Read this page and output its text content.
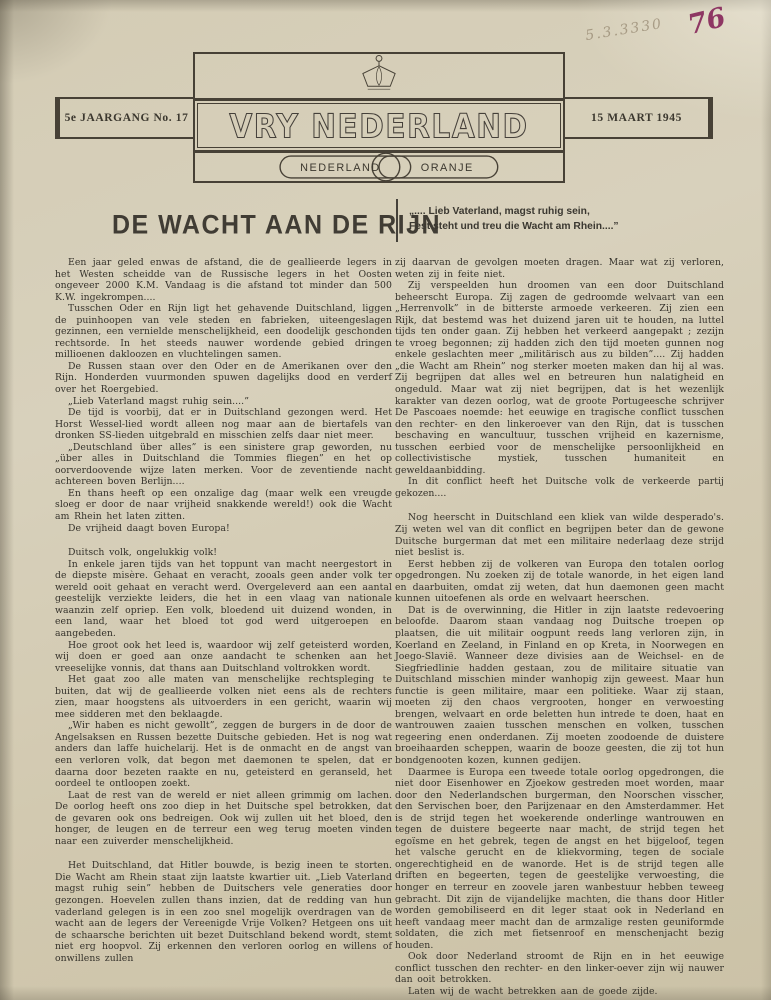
5.3.3330 76
5e JAARGANG No. 17 VRY NEDERLAND	15 MAART 1945
NEDERLAND	ORANJE
DE WACHT AAN DE RIJN
„.... Lieb Vaterland, magst ruhig sein,
Fest steht und treu die Wacht am Rhein....”

Een jaar geled enwas de afstand, die de geallieerde legers in het Westen scheidde van de Russische legers in het Oosten ongeveer 2000 K.M. Vandaag is die afstand tot minder dan 500 K.W. ingekrompen....

Tusschen Oder en Rijn ligt het gehavende Duitschland, liggen de puinhoopen van vele steden en fabrieken, uiteengeslagen gezinnen, een vernielde menschelijkheid, een doodelijk geschonden rechtsorde. In het steeds nauwer wordende gebied dringen millioenen dakloozen en vluchtelingen samen.

De Russen staan over den Oder en de Amerikanen over den Rijn. Honderden vuurmonden spuwen dagelijks dood en verderf over het Roergebied.

„Lieb Vaterland magst ruhig sein....”

De tijd is voorbij, dat er in Duitschland gezongen werd. Het Horst Wessel-lied wordt alleen nog maar aan de biertafels van dronken SS-lieden uitgebrald en misschien zelfs daar niet meer.

„Deutschland über alles” is een sinistere grap geworden, nu „über alles in Duitschland die Tommies fliegen” en het op oorverdoovende wijze laten merken. Voor de zeventiende nacht achtereen boven Berlijn....

En thans heeft op een onzalige dag (maar welk een vreugde sloeg er door de naar vrijheid snakkende wereld!) ook die Wacht am Rhein het laten zitten.

De vrijheid daagt boven Europa!

Duitsch volk, ongelukkig volk!

In enkele jaren tijds van het toppunt van macht neergestort in de diepste misère. Gehaat en veracht, zooals geen ander volk ter wereld ooit gehaat en veracht werd. Overgeleverd aan een aantal geestelijk verziekte leiders, die het in een vlaag van nationale waanzin zelf opriep. Een volk, bloedend uit duizend wonden, in een land, waar het bloed tot god werd uitgeroepen en aangebeden.

Hoe groot ook het leed is, waardoor wij zelf geteisterd worden, wij doen er goed aan onze aandacht te schenken aan het vreeselijke vonnis, dat thans aan Duitschland voltrokken wordt.

Het gaat zoo alle maten van menschelijke rechtspleging te buiten, dat wij de geallieerde volken niet eens als de rechters zien, maar hoogstens als uitvoerders in een gericht, waarin wij mee sidderen met den beklaagde.

„Wir haben es nicht gewollt”, zeggen de burgers in de door de Angelsaksen en Russen bezette Duitsche gebieden. Het is nog wat anders dan laffe huichelarij. Het is de onmacht en de angst van een verloren volk, dat begon met daemonen te spelen, dat er daarna door bezeten raakte en nu, geteisterd en geranseld, het oordeel te ontloopen zoekt.

Laat de rest van de wereld er niet alleen grimmig om lachen. De oorlog heeft ons zoo diep in het Duitsche spel betrokken, dat de gevaren ook ons bedreigen. Ook wij zullen uit het bloed, den honger, de leugen en de terreur een weg terug moeten vinden naar een zuiverder menschelijkheid.

Het Duitschland, dat Hitler bouwde, is bezig ineen te storten. Die Wacht am Rhein staat zijn laatste kwartier uit. „Lieb Vaterland magst ruhig sein” hebben de Duitschers vele generaties door gezongen. Hoevelen zullen thans inzien, dat de redding van hun vaderland gelegen is in een zoo snel mogelijk overdragen van de wacht aan de legers der Vereenigde Vrije Volken? Hetgeen ons uit de schaarsche berichten uit bezet Duitschland bekend wordt, stemt niet erg hoopvol. Zij erkennen den verloren oorlog en willens of onwillens zullen

zij daarvan de gevolgen moeten dragen. Maar wat zij verloren, weten zij in feite niet.

Zij verspeelden hun droomen van een door Duitschland beheerscht Europa. Zij zagen de gedroomde welvaart van een „Herrenvolk” in de bitterste armoede verkeeren. Zij zien een Rijk, dat bestemd was het duizend jaren uit te houden, na luttel tijds ten onder gaan. Zij hebben het verkeerd aangepakt ; zezijn te vroeg begonnen; zij hadden zich den tijd moeten gunnen nog enkele geslachten meer „militärisch aus zu bilden”.... Zij hadden „die Wacht am Rhein” nog sterker moeten maken dan hij al was. Zij begrijpen dat alles wel en betreuren hun nalatigheid en ongeduld. Maar wat zij niet begrijpen, dat is het wezenlijk karakter van dezen oorlog, wat de groote Portugeesche schrijver De Pascoaes noemde: het eeuwige en tragische conflict tusschen den rechter- en den linkeroever van den Rijn, dat is tusschen beschaving en wancultuur, tusschen vrijheid en kazernisme, tusschen eerbied voor de menschelijke persoonlijkheid en collectivistische mystiek, tusschen humaniteit en geweldaanbidding.

In dit conflict heeft het Duitsche volk de verkeerde partij gekozen....

Nog heerscht in Duitschland een kliek van wilde desperado's. Zij weten wel van dit conflict en begrijpen beter dan de gewone Duitsche burgerman dat met een militaire nederlaag deze strijd niet beslist is.

Eerst hebben zij de volkeren van Europa den totalen oorlog opgedrongen. Nu zoeken zij de totale wanorde, in het eigen land en daarbuiten, omdat zij weten, dat hun daemonen geen macht kunnen uitoefenen als orde en welvaart heerschen.

Dat is de overwinning, die Hitler in zijn laatste redevoering beloofde. Daarom staan vandaag nog Duitsche troepen op plaatsen, die uit militair oogpunt reeds lang verloren zijn, in Koerland en Zeeland, in Finland en op Kreta, in Noorwegen en Joego-Slavië. Wanneer deze divisies aan de Weichsel- en de Siegfriedlinie hadden gestaan, zou de militaire situatie van Duitschland misschien minder wanhopig zijn geweest. Maar hun functie is geen militaire, maar een politieke. Waar zij staan, moeten zij den chaos vergrooten, honger en verwoesting brengen, welvaart en orde beletten hun intrede te doen, haat en wantrouwen zaaien tusschen menschen en volken, tusschen regeering enen onderdanen. Zij moeten zoodoende de duistere broeihaarden scheppen, waarin de booze geesten, die zij tot hun bondgenooten kozen, kunnen gedijen.

Daarmee is Europa een tweede totale oorlog opgedrongen, die niet door Eisenhower en Zjoekow gestreden moet worden, maar door den Nederlandschen burgerman, den Noorschen visscher, den Servischen boer, den Parijzenaar en den Amsterdammer. Het is de strijd tegen het woekerende onderlinge wantrouwen en tegen de duistere begeerte naar macht, de strijd tegen het egoïsme en het gebrek, tegen de angst en het bijgeloof, tegen het valsche gerucht en de kliekvorming, tegen de sociale ongerechtigheid en de wanorde. Het is de strijd tegen alle driften en begeerten, tegen de geestelijke verwoesting, die honger en terreur en zoovele jaren wanbestuur hebben teweeg gebracht. Dit zijn de vijandelijke machten, die thans door Hitler worden gemobiliseerd en dit leger staat ook in Nederland en heeft vandaag meer macht dan de armzalige resten geuniformde soldaten, die zich met fietsenroof en menschenjacht bezig houden.

Ook door Nederland stroomt de Rijn en in het eeuwige conflict tusschen den rechter- en den linker-oever zijn wij nauwer dan ooit betrokken.

Laten wij de wacht betrekken aan de goede zijde.
